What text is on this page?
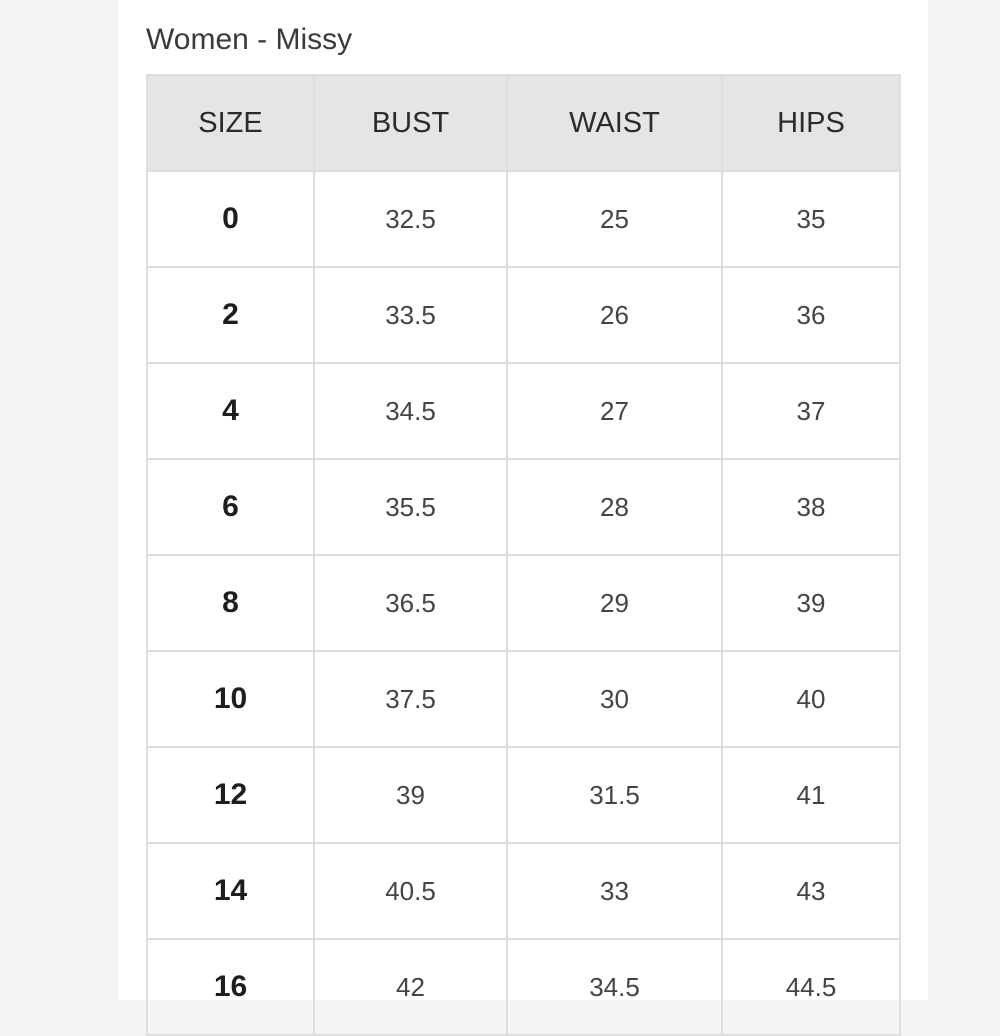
Women - Missy
SIZE	BUST	WAIST	HIPS
0	32.5	25	35
2	33.5	26	36
4	34.5	27	37
6	35.5	28	38
8	36.5	29	39
10	37.5	30	40
12	39	31.5	41
14	40.5	33	43
16	42	34.5	44.5
